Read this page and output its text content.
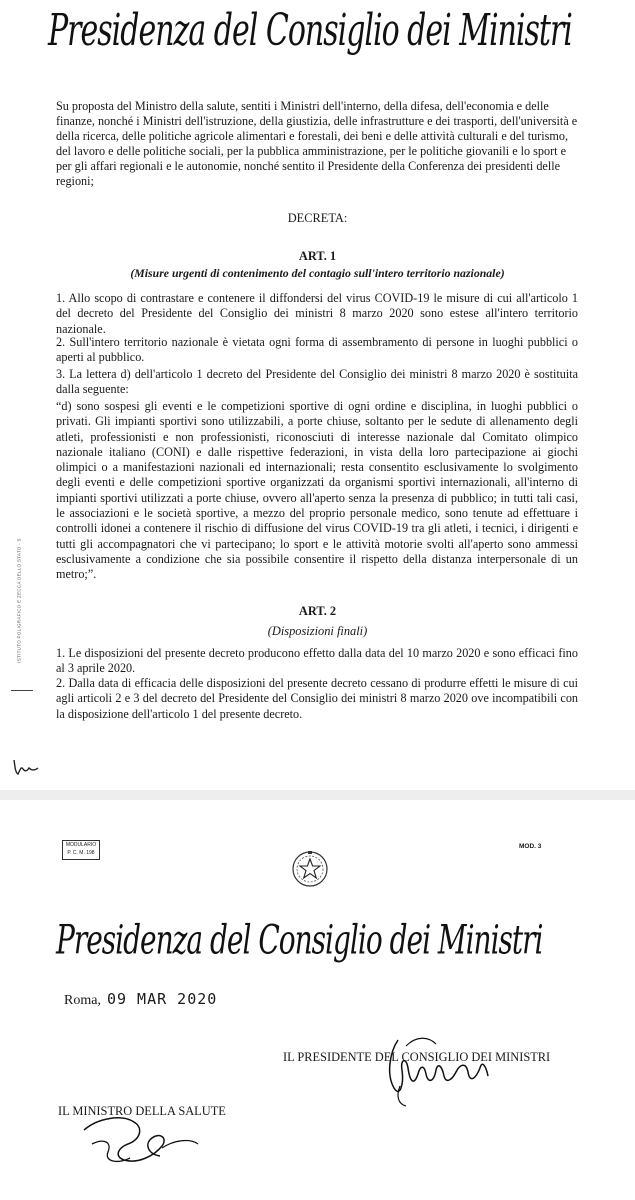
Presidenza del Consiglio dei Ministri
Su proposta del Ministro della salute, sentiti i Ministri dell'interno, della difesa, dell'economia e delle finanze, nonché i Ministri dell'istruzione, della giustizia, delle infrastrutture e dei trasporti, dell'università e della ricerca, delle politiche agricole alimentari e forestali, dei beni e delle attività culturali e del turismo, del lavoro e delle politiche sociali, per la pubblica amministrazione, per le politiche giovanili e lo sport e per gli affari regionali e le autonomie, nonché sentito il Presidente della Conferenza dei presidenti delle regioni;
DECRETA:
ART. 1
(Misure urgenti di contenimento del contagio sull'intero territorio nazionale)
1. Allo scopo di contrastare e contenere il diffondersi del virus COVID-19 le misure di cui all'articolo 1 del decreto del Presidente del Consiglio dei ministri 8 marzo 2020 sono estese all'intero territorio nazionale.
2. Sull'intero territorio nazionale è vietata ogni forma di assembramento di persone in luoghi pubblici o aperti al pubblico.
3. La lettera d) dell'articolo 1 decreto del Presidente del Consiglio dei ministri 8 marzo 2020 è sostituita dalla seguente:
“d) sono sospesi gli eventi e le competizioni sportive di ogni ordine e disciplina, in luoghi pubblici o privati. Gli impianti sportivi sono utilizzabili, a porte chiuse, soltanto per le sedute di allenamento degli atleti, professionisti e non professionisti, riconosciuti di interesse nazionale dal Comitato olimpico nazionale italiano (CONI) e dalle rispettive federazioni, in vista della loro partecipazione ai giochi olimpici o a manifestazioni nazionali ed internazionali; resta consentito esclusivamente lo svolgimento degli eventi e delle competizioni sportive organizzati da organismi sportivi internazionali, all'interno di impianti sportivi utilizzati a porte chiuse, ovvero all'aperto senza la presenza di pubblico; in tutti tali casi, le associazioni e le società sportive, a mezzo del proprio personale medico, sono tenute ad effettuare i controlli idonei a contenere il rischio di diffusione del virus COVID-19 tra gli atleti, i tecnici, i dirigenti e tutti gli accompagnatori che vi partecipano; lo sport e le attività motorie svolti all'aperto sono ammessi esclusivamente a condizione che sia possibile consentire il rispetto della distanza interpersonale di un metro;”.
ART. 2
(Disposizioni finali)
1. Le disposizioni del presente decreto producono effetto dalla data del 10 marzo 2020 e sono efficaci fino al 3 aprile 2020.
2. Dalla data di efficacia delle disposizioni del presente decreto cessano di produrre effetti le misure di cui agli articoli 2 e 3 del decreto del Presidente del Consiglio dei ministri 8 marzo 2020 ove incompatibili con la disposizione dell'articolo 1 del presente decreto.
ISTITUTO POLIGRAFICO E ZECCA DELLO STATO - S
MODULARIO
P. C. M. 198
MOD. 3
Presidenza del Consiglio dei Ministri
Roma, 09 MAR 2020
IL PRESIDENTE DEL CONSIGLIO DEI MINISTRI
IL MINISTRO DELLA SALUTE
